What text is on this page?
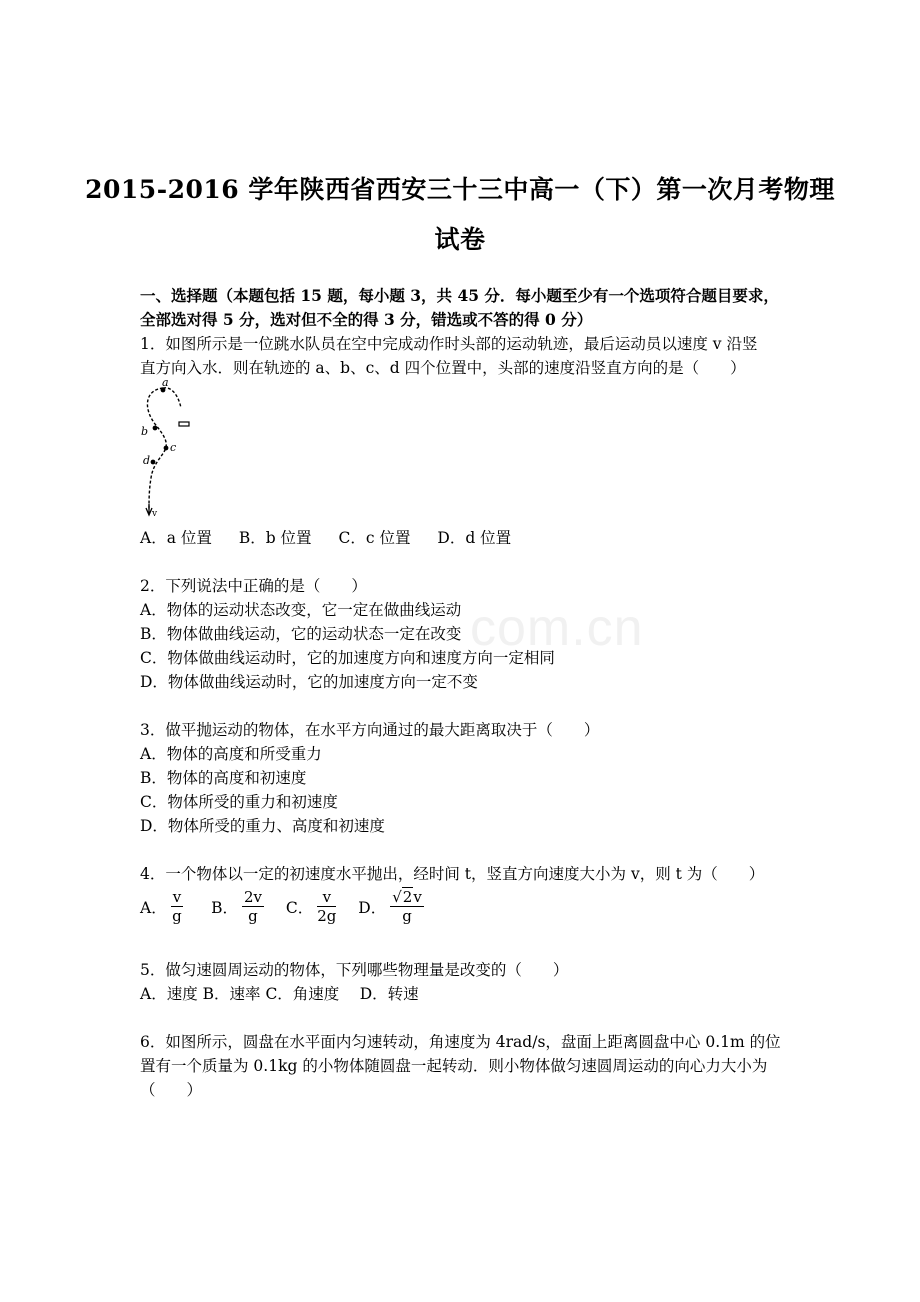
com.cn
2015-2016 学年陕西省西安三十三中高一（下）第一次月考物理
试卷
一、选择题（本题包括 15 题，每小题 3，共 45 分．每小题至少有一个选项符合题目要求，
全部选对得 5 分，选对但不全的得 3 分，错选或不答的得 0 分）
1．如图所示是一位跳水队员在空中完成动作时头部的运动轨迹，最后运动员以速度 v 沿竖
直方向入水．则在轨迹的 a、b、c、d 四个位置中，头部的速度沿竖直方向的是（　　）
a
b
c
d
v
A．a 位置 B．b 位置 C．c 位置 D．d 位置
2．下列说法中正确的是（　　）
A．物体的运动状态改变，它一定在做曲线运动
B．物体做曲线运动，它的运动状态一定在改变
C．物体做曲线运动时，它的加速度方向和速度方向一定相同
D．物体做曲线运动时，它的加速度方向一定不变
3．做平抛运动的物体，在水平方向通过的最大距离取决于（　　）
A．物体的高度和所受重力
B．物体的高度和初速度
C．物体所受的重力和初速度
D．物体所受的重力、高度和初速度
4．一个物体以一定的初速度水平抛出，经时间 t，竖直方向速度大小为 v，则 t 为（　　）
A． $\frac{v}{g}$ B． $\frac{2v}{g}$ C． $\frac{v}{2g}$ D． $\frac{√2v}{g}$
5．做匀速圆周运动的物体，下列哪些物理量是改变的（　　）
A．速度 B．速率 C．角速度　 D．转速
6．如图所示，圆盘在水平面内匀速转动，角速度为 4rad/s，盘面上距离圆盘中心 0.1m 的位
置有一个质量为 0.1kg 的小物体随圆盘一起转动．则小物体做匀速圆周运动的向心力大小为
（　　）
